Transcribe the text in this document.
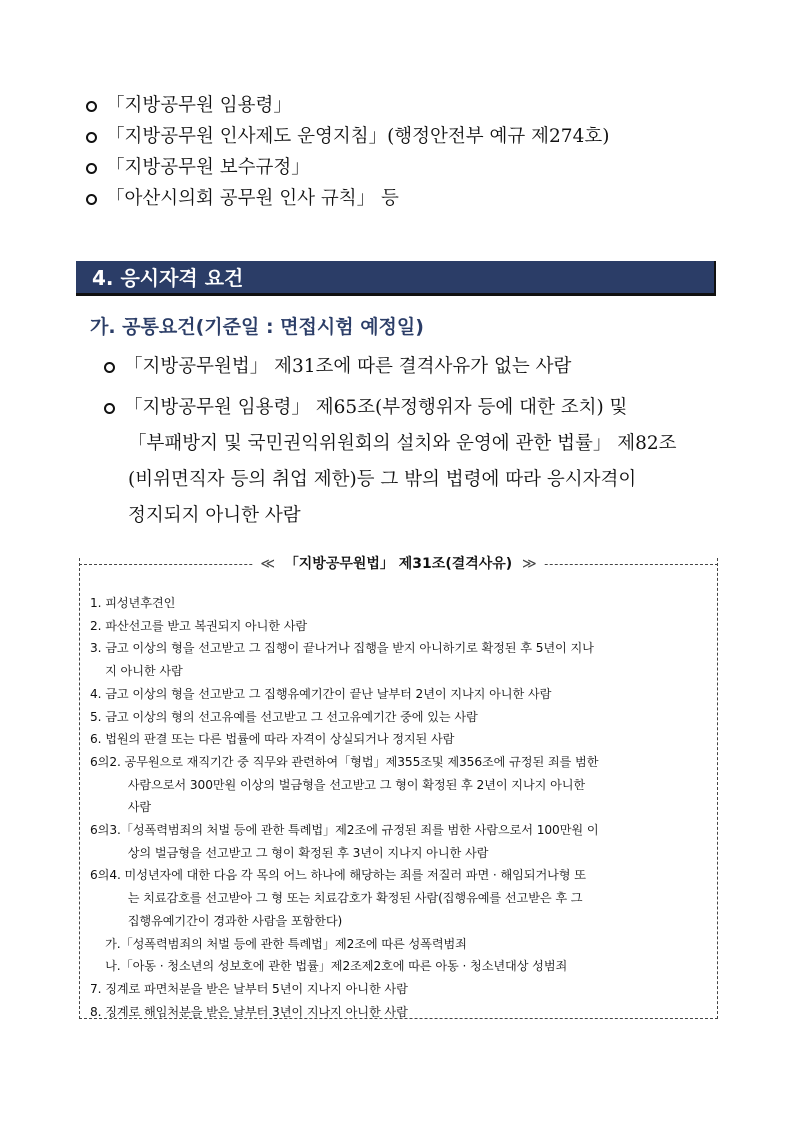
「지방공무원 임용령」
「지방공무원 인사제도 운영지침」(행정안전부 예규 제274호)
「지방공무원 보수규정」
「아산시의회 공무원 인사 규칙」 등
4. 응시자격 요건
가. 공통요건(기준일 : 면접시험 예정일)
「지방공무원법」 제31조에 따른 결격사유가 없는 사람
「지방공무원 임용령」 제65조(부정행위자 등에 대한 조치) 및
「부패방지 및 국민권익위원회의 설치와 운영에 관한 법률」 제82조
(비위면직자 등의 취업 제한)등 그 밖의 법령에 따라 응시자격이
정지되지 아니한 사람
≪ 「지방공무원법」 제31조(결격사유) ≫
1. 피성년후견인
2. 파산선고를 받고 복권되지 아니한 사람
3. 금고 이상의 형을 선고받고 그 집행이 끝나거나 집행을 받지 아니하기로 확정된 후 5년이 지나
지 아니한 사람
4. 금고 이상의 형을 선고받고 그 집행유예기간이 끝난 날부터 2년이 지나지 아니한 사람
5. 금고 이상의 형의 선고유예를 선고받고 그 선고유예기간 중에 있는 사람
6. 법원의 판결 또는 다른 법률에 따라 자격이 상실되거나 정지된 사람
6의2. 공무원으로 재직기간 중 직무와 관련하여「형법」제355조및 제356조에 규정된 죄를 범한
사람으로서 300만원 이상의 벌금형을 선고받고 그 형이 확정된 후 2년이 지나지 아니한
사람
6의3.「성폭력범죄의 처벌 등에 관한 특례법」제2조에 규정된 죄를 범한 사람으로서 100만원 이
상의 벌금형을 선고받고 그 형이 확정된 후 3년이 지나지 아니한 사람
6의4. 미성년자에 대한 다음 각 목의 어느 하나에 해당하는 죄를 저질러 파면 · 해임되거나형 또
는 치료감호를 선고받아 그 형 또는 치료감호가 확정된 사람(집행유예를 선고받은 후 그
집행유예기간이 경과한 사람을 포함한다)
가.「성폭력범죄의 처벌 등에 관한 특례법」제2조에 따른 성폭력범죄
나.「아동 · 청소년의 성보호에 관한 법률」제2조제2호에 따른 아동 · 청소년대상 성범죄
7. 징계로 파면처분을 받은 날부터 5년이 지나지 아니한 사람
8. 징계로 해임처분을 받은 날부터 3년이 지나지 아니한 사람
